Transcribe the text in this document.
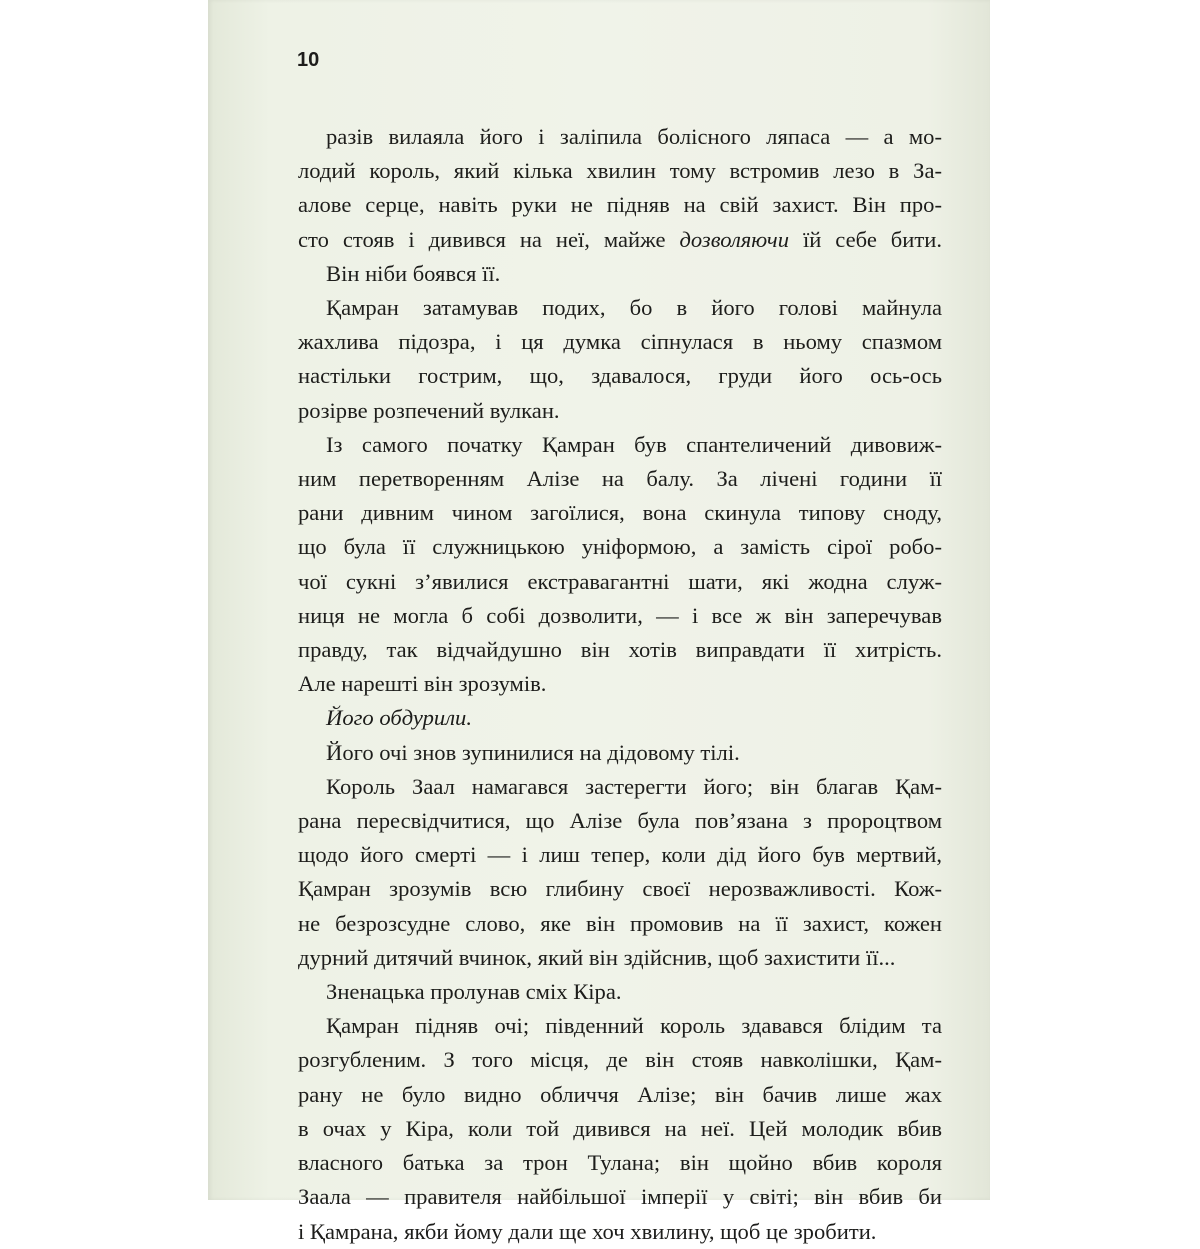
10

разів вилаяла його і заліпила болісного ляпаса — а мо-
лодий король, який кілька хвилин тому встромив лезо в За-
алове серце, навіть руки не підняв на свій захист. Він про-
сто стояв і дивився на неї, майже дозволяючи їй себе бити.

Він ніби боявся її.

Қамран затамував подих, бо в його голові майнула
жахлива підозра, і ця думка сіпнулася в ньому спазмом
настільки гострим, що, здавалося, груди його ось-ось
розірве розпечений вулкан.

Із самого початку Қамран був спантеличений дивовиж-
ним перетворенням Алізе на балу. За лічені години її
рани дивним чином загоїлися, вона скинула типову сноду,
що була її служницькою уніформою, а замість сірої робо-
чої сукні з’явилися екстравагантні шати, які жодна служ-
ниця не могла б собі дозволити, — і все ж він заперечував
правду, так відчайдушно він хотів виправдати її хитрість.
Але нарешті він зрозумів.

Його обдурили.

Його очі знов зупинилися на дідовому тілі.

Король Заал намагався застерегти його; він благав Қам-
рана пересвідчитися, що Алізе була пов’язана з пророцтвом
щодо його смерті — і лиш тепер, коли дід його був мертвий,
Қамран зрозумів всю глибину своєї нерозважливості. Кож-
не безрозсудне слово, яке він промовив на її захист, кожен
дурний дитячий вчинок, який він здійснив, щоб захистити її...

Зненацька пролунав сміх Кіра.

Қамран підняв очі; південний король здавався блідим та
розгубленим. З того місця, де він стояв навколішки, Қам-
рану не було видно обличчя Алізе; він бачив лише жах
в очах у Кіра, коли той дивився на неї. Цей молодик вбив
власного батька за трон Тулана; він щойно вбив короля
Заала — правителя найбільшої імперії у світі; він вбив би
і Қамрана, якби йому дали ще хоч хвилину, щоб це зробити.
